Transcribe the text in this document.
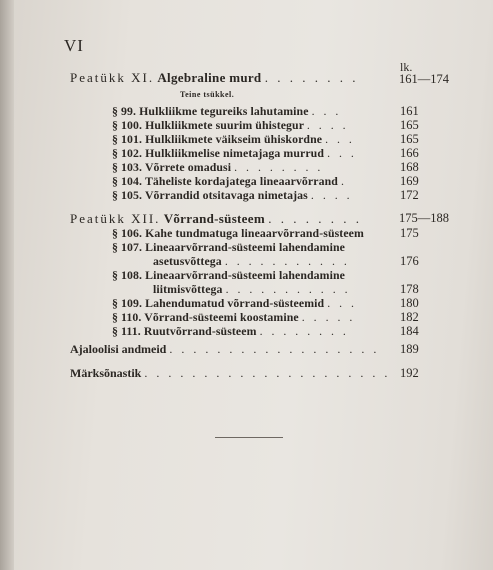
VI
lk.
Peatükk XI. Algebraline murd . . . . . . . .	161—174
Teine tsükkel.
§ 99. Hulkliikme tegureiks lahutamine . . .	161
§ 100. Hulkliikmete suurim ühistegur . . . .	165
§ 101. Hulkliikmete väikseim ühiskordne . . .	165
§ 102. Hulkliikmelise nimetajaga murrud . . .	166
§ 103. Võrrete omadusi . . . . . . . .	168
§ 104. Täheliste kordajatega lineaarvõrrand .	169
§ 105. Võrrandid otsitavaga nimetajas . . . .	172
Peatükk XII. Võrrand-süsteem . . . . . . . .	175—188
§ 106. Kahe tundmatuga lineaarvõrrand-süsteem	175
§ 107. Lineaarvõrrand-süsteemi lahendamine
asetusvõttega . . . . . . . . . . .	176
§ 108. Lineaarvõrrand-süsteemi lahendamine
liitmisvõttega . . . . . . . . . . .	178
§ 109. Lahendumatud võrrand-süsteemid . . .	180
§ 110. Võrrand-süsteemi koostamine . . . . .	182
§ 111. Ruutvõrrand-süsteem . . . . . . . .	184
Ajaloolisi andmeid . . . . . . . . . . . . . . . . . . 189
Märksõnastik . . . . . . . . . . . . . . . . . . . . . 192
